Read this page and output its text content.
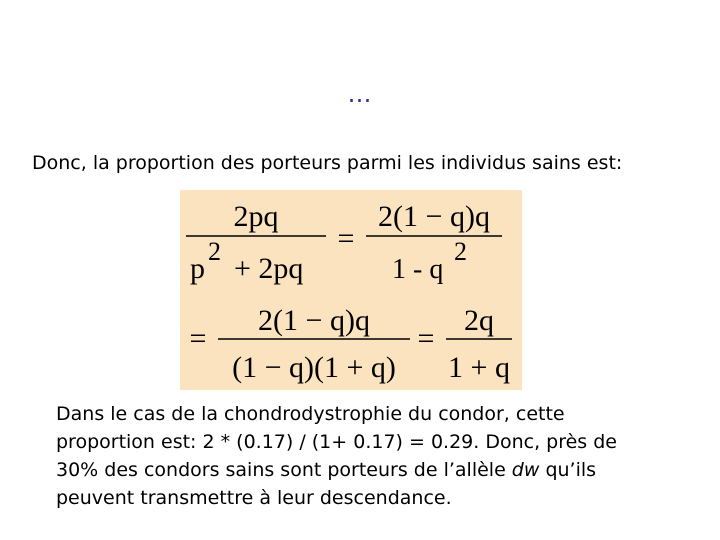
…
Donc, la proportion des porteurs parmi les individus sains est:
2pq
p
2
+ 2pq
=
2(1 − q)q
1 - q
2
=
2(1 − q)q
(1 − q)(1 + q)
=
2q
1 + q
Dans le cas de la chondrodystrophie du condor, cette
proportion est: 2 * (0.17) / (1+ 0.17) = 0.29. Donc, près de
30% des condors sains sont porteurs de l’allèle dw qu’ils
peuvent transmettre à leur descendance.
